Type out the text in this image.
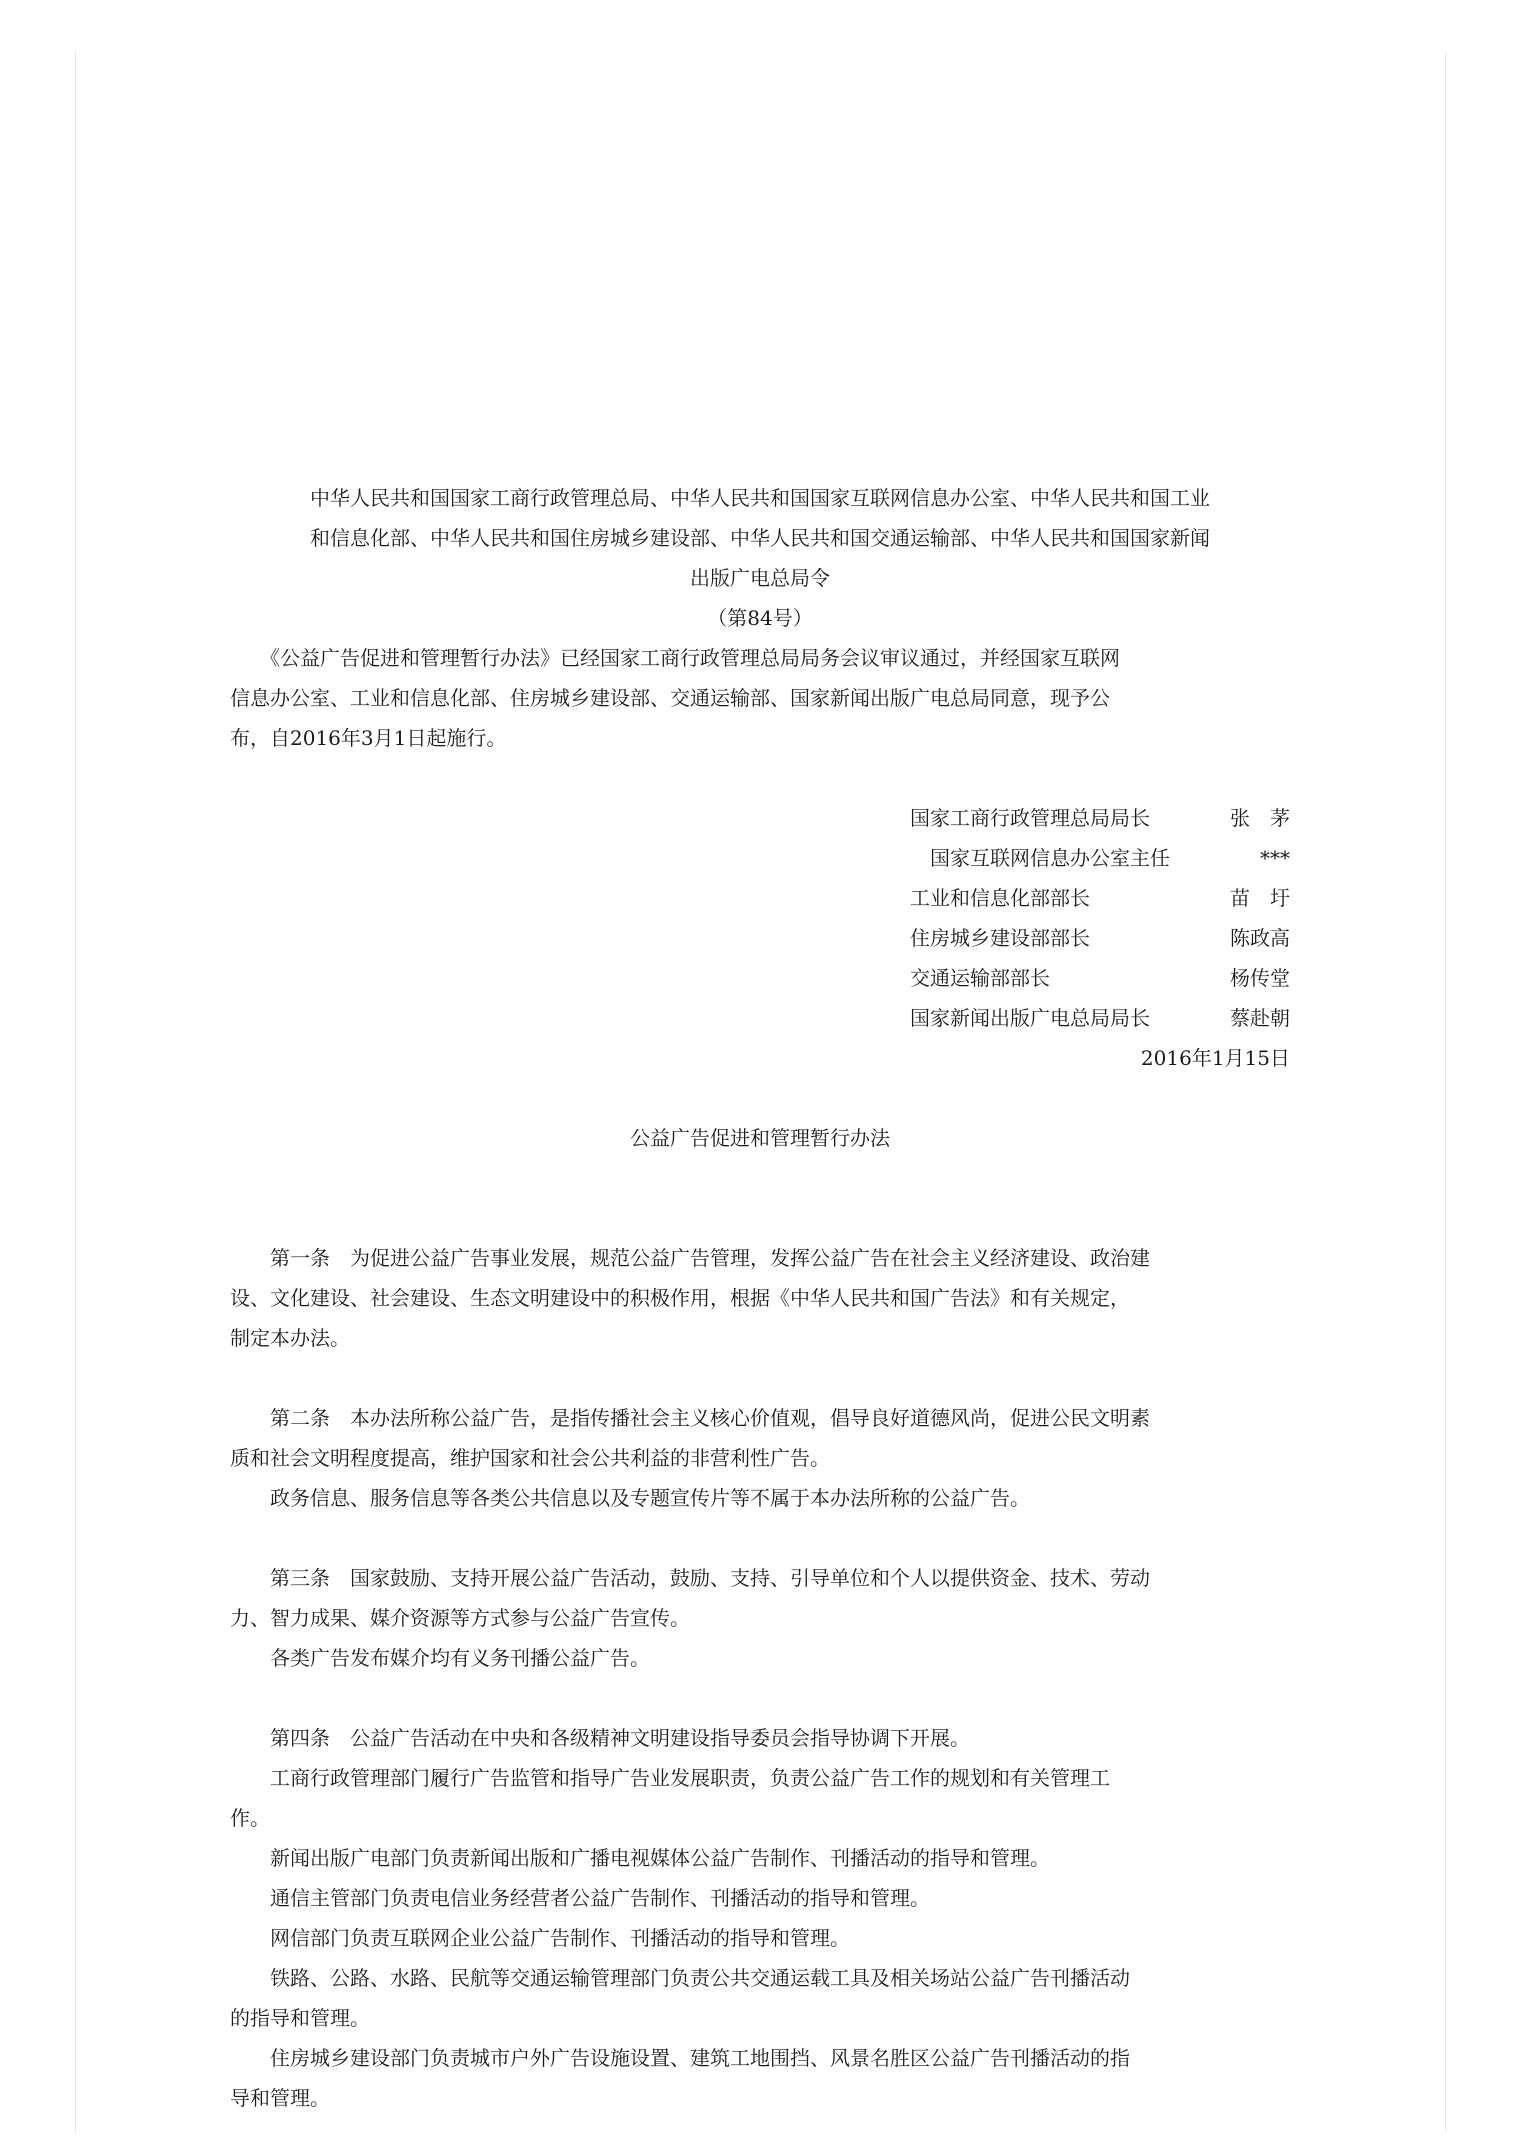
中华人民共和国国家工商行政管理总局、中华人民共和国国家互联网信息办公室、中华人民共和国工业
和信息化部、中华人民共和国住房城乡建设部、中华人民共和国交通运输部、中华人民共和国国家新闻
出版广电总局令
（第84号）
　　《公益广告促进和管理暂行办法》已经国家工商行政管理总局局务会议审议通过，并经国家互联网
信息办公室、工业和信息化部、住房城乡建设部、交通运输部、国家新闻出版广电总局同意，现予公
布，自2016年3月1日起施行。
国家工商行政管理总局局长	张　茅
　国家互联网信息办公室主任	***
工业和信息化部部长	苗　圩
住房城乡建设部部长	陈政高
交通运输部部长	杨传堂
国家新闻出版广电总局局长	蔡赴朝
2016年1月15日
公益广告促进和管理暂行办法
　　第一条　为促进公益广告事业发展，规范公益广告管理，发挥公益广告在社会主义经济建设、政治建
设、文化建设、社会建设、生态文明建设中的积极作用，根据《中华人民共和国广告法》和有关规定，
制定本办法。
　　第二条　本办法所称公益广告，是指传播社会主义核心价值观，倡导良好道德风尚，促进公民文明素
质和社会文明程度提高，维护国家和社会公共利益的非营利性广告。
　　政务信息、服务信息等各类公共信息以及专题宣传片等不属于本办法所称的公益广告。
　　第三条　国家鼓励、支持开展公益广告活动，鼓励、支持、引导单位和个人以提供资金、技术、劳动
力、智力成果、媒介资源等方式参与公益广告宣传。
　　各类广告发布媒介均有义务刊播公益广告。
　　第四条　公益广告活动在中央和各级精神文明建设指导委员会指导协调下开展。
　　工商行政管理部门履行广告监管和指导广告业发展职责，负责公益广告工作的规划和有关管理工
作。
　　新闻出版广电部门负责新闻出版和广播电视媒体公益广告制作、刊播活动的指导和管理。
　　通信主管部门负责电信业务经营者公益广告制作、刊播活动的指导和管理。
　　网信部门负责互联网企业公益广告制作、刊播活动的指导和管理。
　　铁路、公路、水路、民航等交通运输管理部门负责公共交通运载工具及相关场站公益广告刊播活动
的指导和管理。
　　住房城乡建设部门负责城市户外广告设施设置、建筑工地围挡、风景名胜区公益广告刊播活动的指
导和管理。
